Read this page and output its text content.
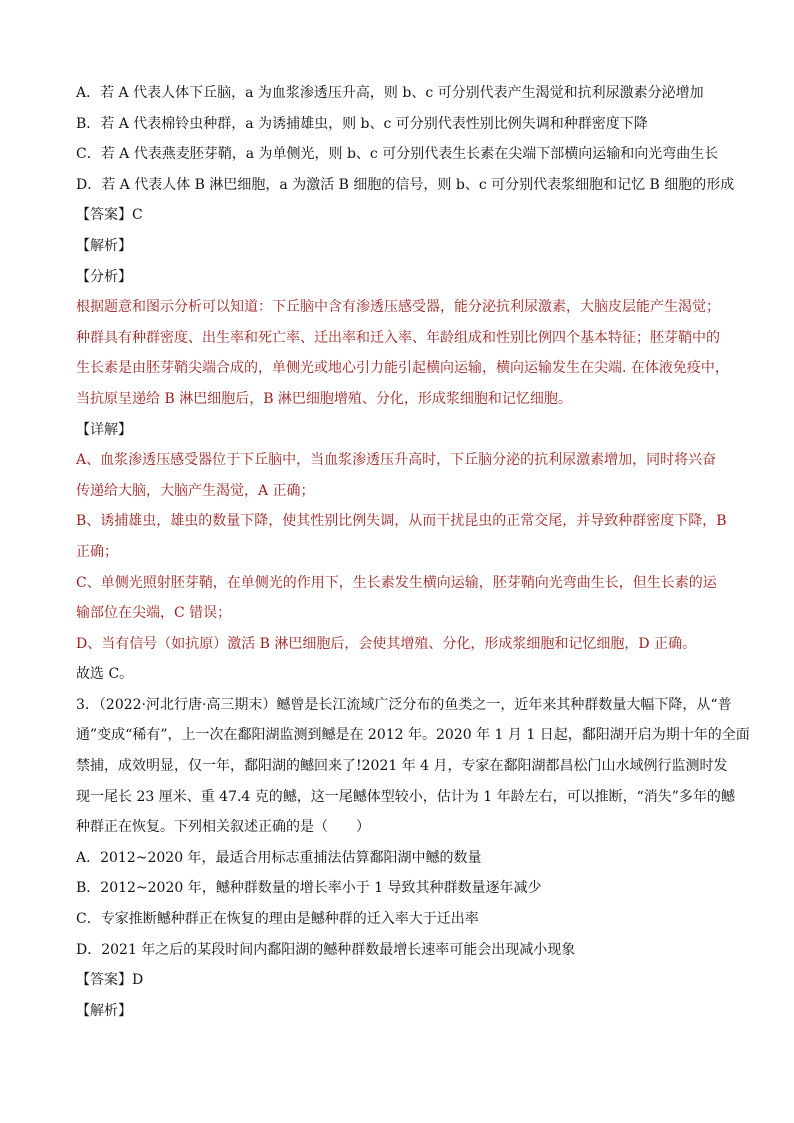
A．若 A 代表人体下丘脑，a 为血浆渗透压升高，则 b、c 可分别代表产生渴觉和抗利尿激素分泌增加
B．若 A 代表棉铃虫种群，a 为诱捕雄虫，则 b、c 可分别代表性别比例失调和种群密度下降
C．若 A 代表燕麦胚芽鞘，a 为单侧光，则 b、c 可分别代表生长素在尖端下部横向运输和向光弯曲生长
D．若 A 代表人体 B 淋巴细胞，a 为激活 B 细胞的信号，则 b、c 可分别代表浆细胞和记忆 B 细胞的形成
【答案】C
【解析】
【分析】
根据题意和图示分析可以知道：下丘脑中含有渗透压感受器，能分泌抗利尿激素，大脑皮层能产生渴觉；
种群具有种群密度、出生率和死亡率、迁出率和迁入率、年龄组成和性别比例四个基本特征；胚芽鞘中的
生长素是由胚芽鞘尖端合成的，单侧光或地心引力能引起横向运输，横向运输发生在尖端. 在体液免疫中，
当抗原呈递给 B 淋巴细胞后，B 淋巴细胞增殖、分化，形成浆细胞和记忆细胞。
【详解】
A、血浆渗透压感受器位于下丘脑中，当血浆渗透压升高时，下丘脑分泌的抗利尿激素增加，同时将兴奋
传递给大脑，大脑产生渴觉，A 正确；
B、诱捕雄虫，雄虫的数量下降，使其性别比例失调，从而干扰昆虫的正常交尾，并导致种群密度下降，B
正确；
C、单侧光照射胚芽鞘，在单侧光的作用下，生长素发生横向运输，胚芽鞘向光弯曲生长，但生长素的运
输部位在尖端，C 错误；
D、当有信号（如抗原）激活 B 淋巴细胞后，会使其增殖、分化，形成浆细胞和记忆细胞，D 正确。
故选 C。
3．（2022·河北行唐·高三期末）鳡曾是长江流域广泛分布的鱼类之一，近年来其种群数量大幅下降，从“普
通”变成“稀有”，上一次在鄱阳湖监测到鳡是在 2012 年。2020 年 1 月 1 日起，鄱阳湖开启为期十年的全面
禁捕，成效明显，仅一年，鄱阳湖的鳡回来了!2021 年 4 月，专家在鄱阳湖都昌松门山水域例行监测时发
现一尾长 23 厘米、重 47.4 克的鳡，这一尾鳡体型较小，估计为 1 年龄左右，可以推断，“消失”多年的鳡
种群正在恢复。下列相关叙述正确的是（　　）
A．2012~2020 年，最适合用标志重捕法估算鄱阳湖中鳡的数量
B．2012~2020 年，鳡种群数量的增长率小于 1 导致其种群数量逐年减少
C．专家推断鳡种群正在恢复的理由是鳡种群的迁入率大于迁出率
D．2021 年之后的某段时间内鄱阳湖的鳡种群数最增长速率可能会出现减小现象
【答案】D
【解析】
